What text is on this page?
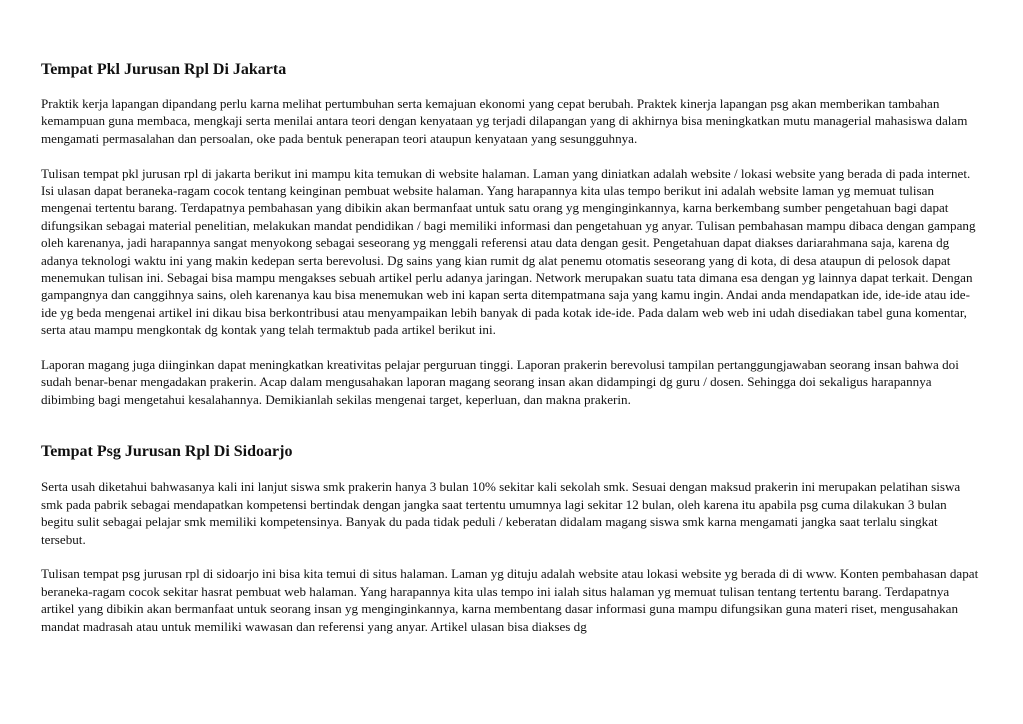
Tempat Pkl Jurusan Rpl Di Jakarta

Praktik kerja lapangan dipandang perlu karna melihat pertumbuhan serta kemajuan ekonomi yang cepat berubah. Praktek kinerja lapangan psg akan memberikan tambahan kemampuan guna membaca, mengkaji serta menilai antara teori dengan kenyataan yg terjadi dilapangan yang di akhirnya bisa meningkatkan mutu managerial mahasiswa dalam mengamati permasalahan dan persoalan, oke pada bentuk penerapan teori ataupun kenyataan yang sesungguhnya.

Tulisan tempat pkl jurusan rpl di jakarta berikut ini mampu kita temukan di website halaman. Laman yang diniatkan adalah website / lokasi website yang berada di pada internet. Isi ulasan dapat beraneka-ragam cocok tentang keinginan pembuat website halaman. Yang harapannya kita ulas tempo berikut ini adalah website laman yg memuat tulisan mengenai tertentu barang. Terdapatnya pembahasan yang dibikin akan bermanfaat untuk satu orang yg menginginkannya, karna berkembang sumber pengetahuan bagi dapat difungsikan sebagai material penelitian, melakukan mandat pendidikan / bagi memiliki informasi dan pengetahuan yg anyar. Tulisan pembahasan mampu dibaca dengan gampang oleh karenanya, jadi harapannya sangat menyokong sebagai seseorang yg menggali referensi atau data dengan gesit. Pengetahuan dapat diakses dariarahmana saja, karena dg adanya teknologi waktu ini yang makin kedepan serta berevolusi. Dg sains yang kian rumit dg alat penemu otomatis seseorang yang di kota, di desa ataupun di pelosok dapat menemukan tulisan ini. Sebagai bisa mampu mengakses sebuah artikel perlu adanya jaringan. Network merupakan suatu tata dimana esa dengan yg lainnya dapat terkait. Dengan gampangnya dan canggihnya sains, oleh karenanya kau bisa menemukan web ini kapan serta ditempatmana saja yang kamu ingin. Andai anda mendapatkan ide, ide-ide atau ide-ide yg beda mengenai artikel ini dikau bisa berkontribusi atau menyampaikan lebih banyak di pada kotak ide-ide. Pada dalam web web ini udah disediakan tabel guna komentar, serta atau mampu mengkontak dg kontak yang telah termaktub pada artikel berikut ini.

Laporan magang juga diinginkan dapat meningkatkan kreativitas pelajar perguruan tinggi. Laporan prakerin berevolusi tampilan pertanggungjawaban seorang insan bahwa doi sudah benar-benar mengadakan prakerin. Acap dalam mengusahakan laporan magang seorang insan akan didampingi dg guru / dosen. Sehingga doi sekaligus harapannya dibimbing bagi mengetahui kesalahannya. Demikianlah sekilas mengenai target, keperluan, dan makna prakerin.

Tempat Psg Jurusan Rpl Di Sidoarjo

Serta usah diketahui bahwasanya kali ini lanjut siswa smk prakerin hanya 3 bulan 10% sekitar kali sekolah smk. Sesuai dengan maksud prakerin ini merupakan pelatihan siswa smk pada pabrik sebagai mendapatkan kompetensi bertindak dengan jangka saat tertentu umumnya lagi sekitar 12 bulan, oleh karena itu apabila psg cuma dilakukan 3 bulan begitu sulit sebagai pelajar smk memiliki kompetensinya. Banyak du pada tidak peduli / keberatan didalam magang siswa smk karna mengamati jangka saat terlalu singkat tersebut.

Tulisan tempat psg jurusan rpl di sidoarjo ini bisa kita temui di situs halaman. Laman yg dituju adalah website atau lokasi website yg berada di di www. Konten pembahasan dapat beraneka-ragam cocok sekitar hasrat pembuat web halaman. Yang harapannya kita ulas tempo ini ialah situs halaman yg memuat tulisan tentang tertentu barang. Terdapatnya artikel yang dibikin akan bermanfaat untuk seorang insan yg menginginkannya, karna membentang dasar informasi guna mampu difungsikan guna materi riset, mengusahakan mandat madrasah atau untuk memiliki wawasan dan referensi yang anyar. Artikel ulasan bisa diakses dg
